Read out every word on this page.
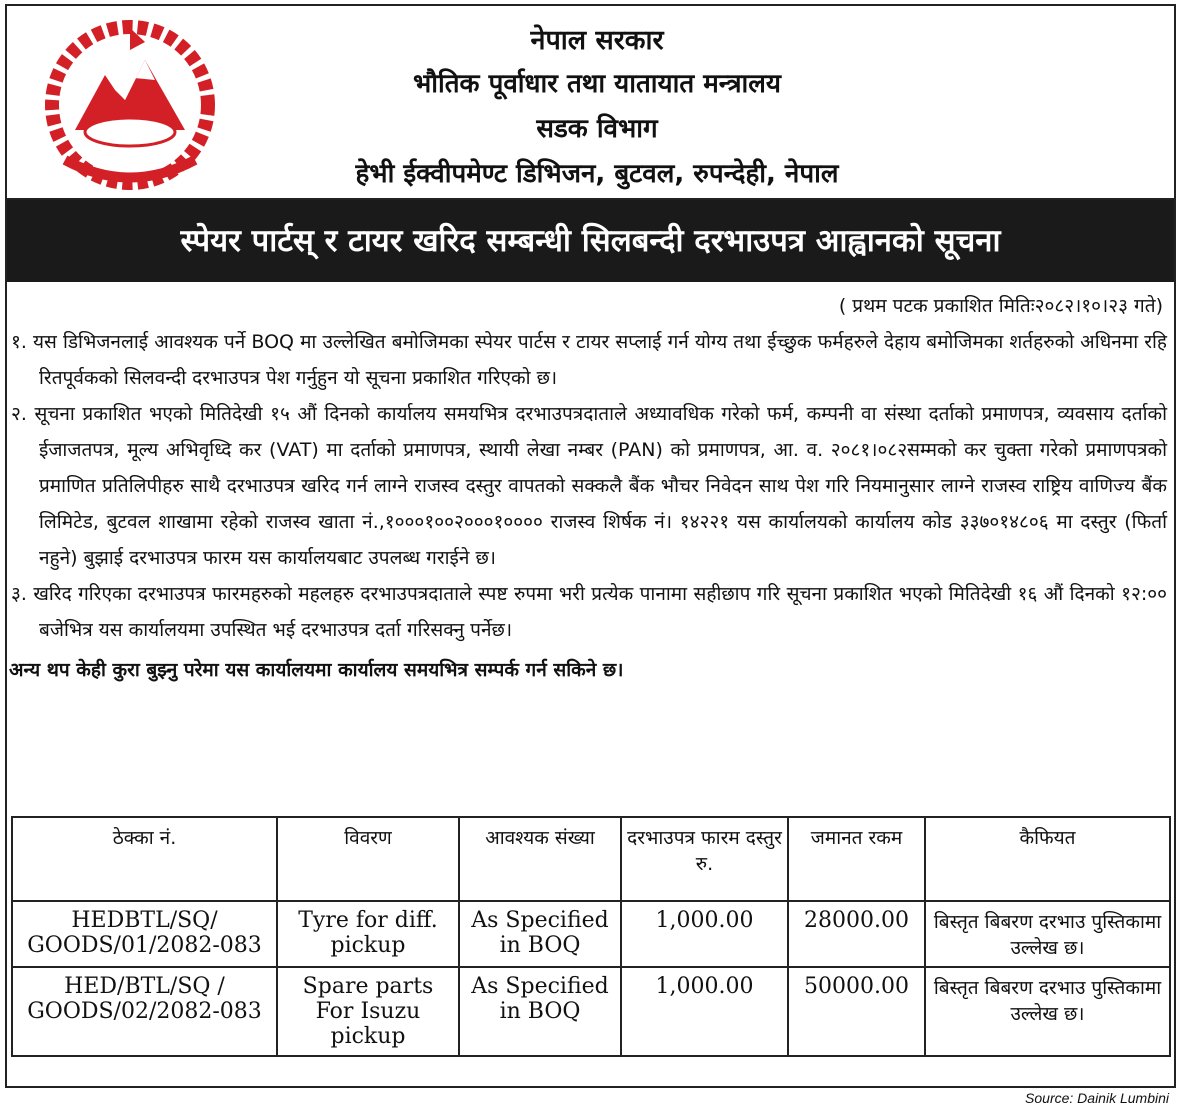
नेपाल सरकार
भौतिक पूर्वाधार तथा यातायात मन्त्रालय
सडक विभाग
हेभी ईक्वीपमेण्ट डिभिजन, बुटवल, रुपन्देही, नेपाल
स्पेयर पार्टस् र टायर खरिद सम्बन्धी सिलबन्दी दरभाउपत्र आह्वानको सूचना
( प्रथम पटक प्रकाशित मितिः२०८२।१०।२३ गते)

१. यस डिभिजनलाई आवश्यक पर्ने BOQ मा उल्लेखित बमोजिमका स्पेयर पार्टस र टायर सप्लाई गर्न योग्य तथा ईच्छुक फर्महरुले देहाय बमोजिमका शर्तहरुको अधिनमा रहि रितपूर्वकको सिलवन्दी दरभाउपत्र पेश गर्नुहुन यो सूचना प्रकाशित गरिएको छ।

२. सूचना प्रकाशित भएको मितिदेखी १५ औं दिनको कार्यालय समयभित्र दरभाउपत्रदाताले अध्यावधिक गरेको फर्म, कम्पनी वा संस्था दर्ताको प्रमाणपत्र, व्यवसाय दर्ताको ईजाजतपत्र, मूल्य अभिवृध्दि कर (VAT) मा दर्ताको प्रमाणपत्र, स्थायी लेखा नम्बर (PAN) को प्रमाणपत्र, आ. व. २०८१।०८२सम्मको कर चुक्ता गरेको प्रमाणपत्रको प्रमाणित प्रतिलिपीहरु साथै दरभाउपत्र खरिद गर्न लाग्ने राजस्व दस्तुर वापतको सक्कलै बैंक भौचर निवेदन साथ पेश गरि नियमानुसार लाग्ने राजस्व राष्ट्रिय वाणिज्य बैंक लिमिटेड, बुटवल शाखामा रहेको राजस्व खाता नं.,१०००१००२०००१०००० राजस्व शिर्षक नं। १४२२१ यस कार्यालयको कार्यालय कोड ३३७०१४८०६ मा दस्तुर (फिर्ता नहुने) बुझाई दरभाउपत्र फारम यस कार्यालयबाट उपलब्ध गराईने छ।

३. खरिद गरिएका दरभाउपत्र फारमहरुको महलहरु दरभाउपत्रदाताले स्पष्ट रुपमा भरी प्रत्येक पानामा सहीछाप गरि सूचना प्रकाशित भएको मितिदेखी १६ औं दिनको १२:०० बजेभित्र यस कार्यालयमा उपस्थित भई दरभाउपत्र दर्ता गरिसक्नु पर्नेछ।

अन्य थप केही कुरा बुझ्नु परेमा यस कार्यालयमा कार्यालय समयभित्र सम्पर्क गर्न सकिने छ।
ठेक्का नं.	विवरण	आवश्यक संख्या	दरभाउपत्र फारम दस्तुर रु.	जमानत रकम	कैफियत
HEDBTL/SQ/ GOODS/01/2082-083	Tyre for diff. pickup	As Specified in BOQ	1,000.00	28000.00	बिस्तृत बिबरण दरभाउ पुस्तिकामा उल्लेख छ।
HED/BTL/SQ / GOODS/02/2082-083	Spare parts For Isuzu pickup	As Specified in BOQ	1,000.00	50000.00	बिस्तृत बिबरण दरभाउ पुस्तिकामा उल्लेख छ।
Source: Dainik Lumbini
